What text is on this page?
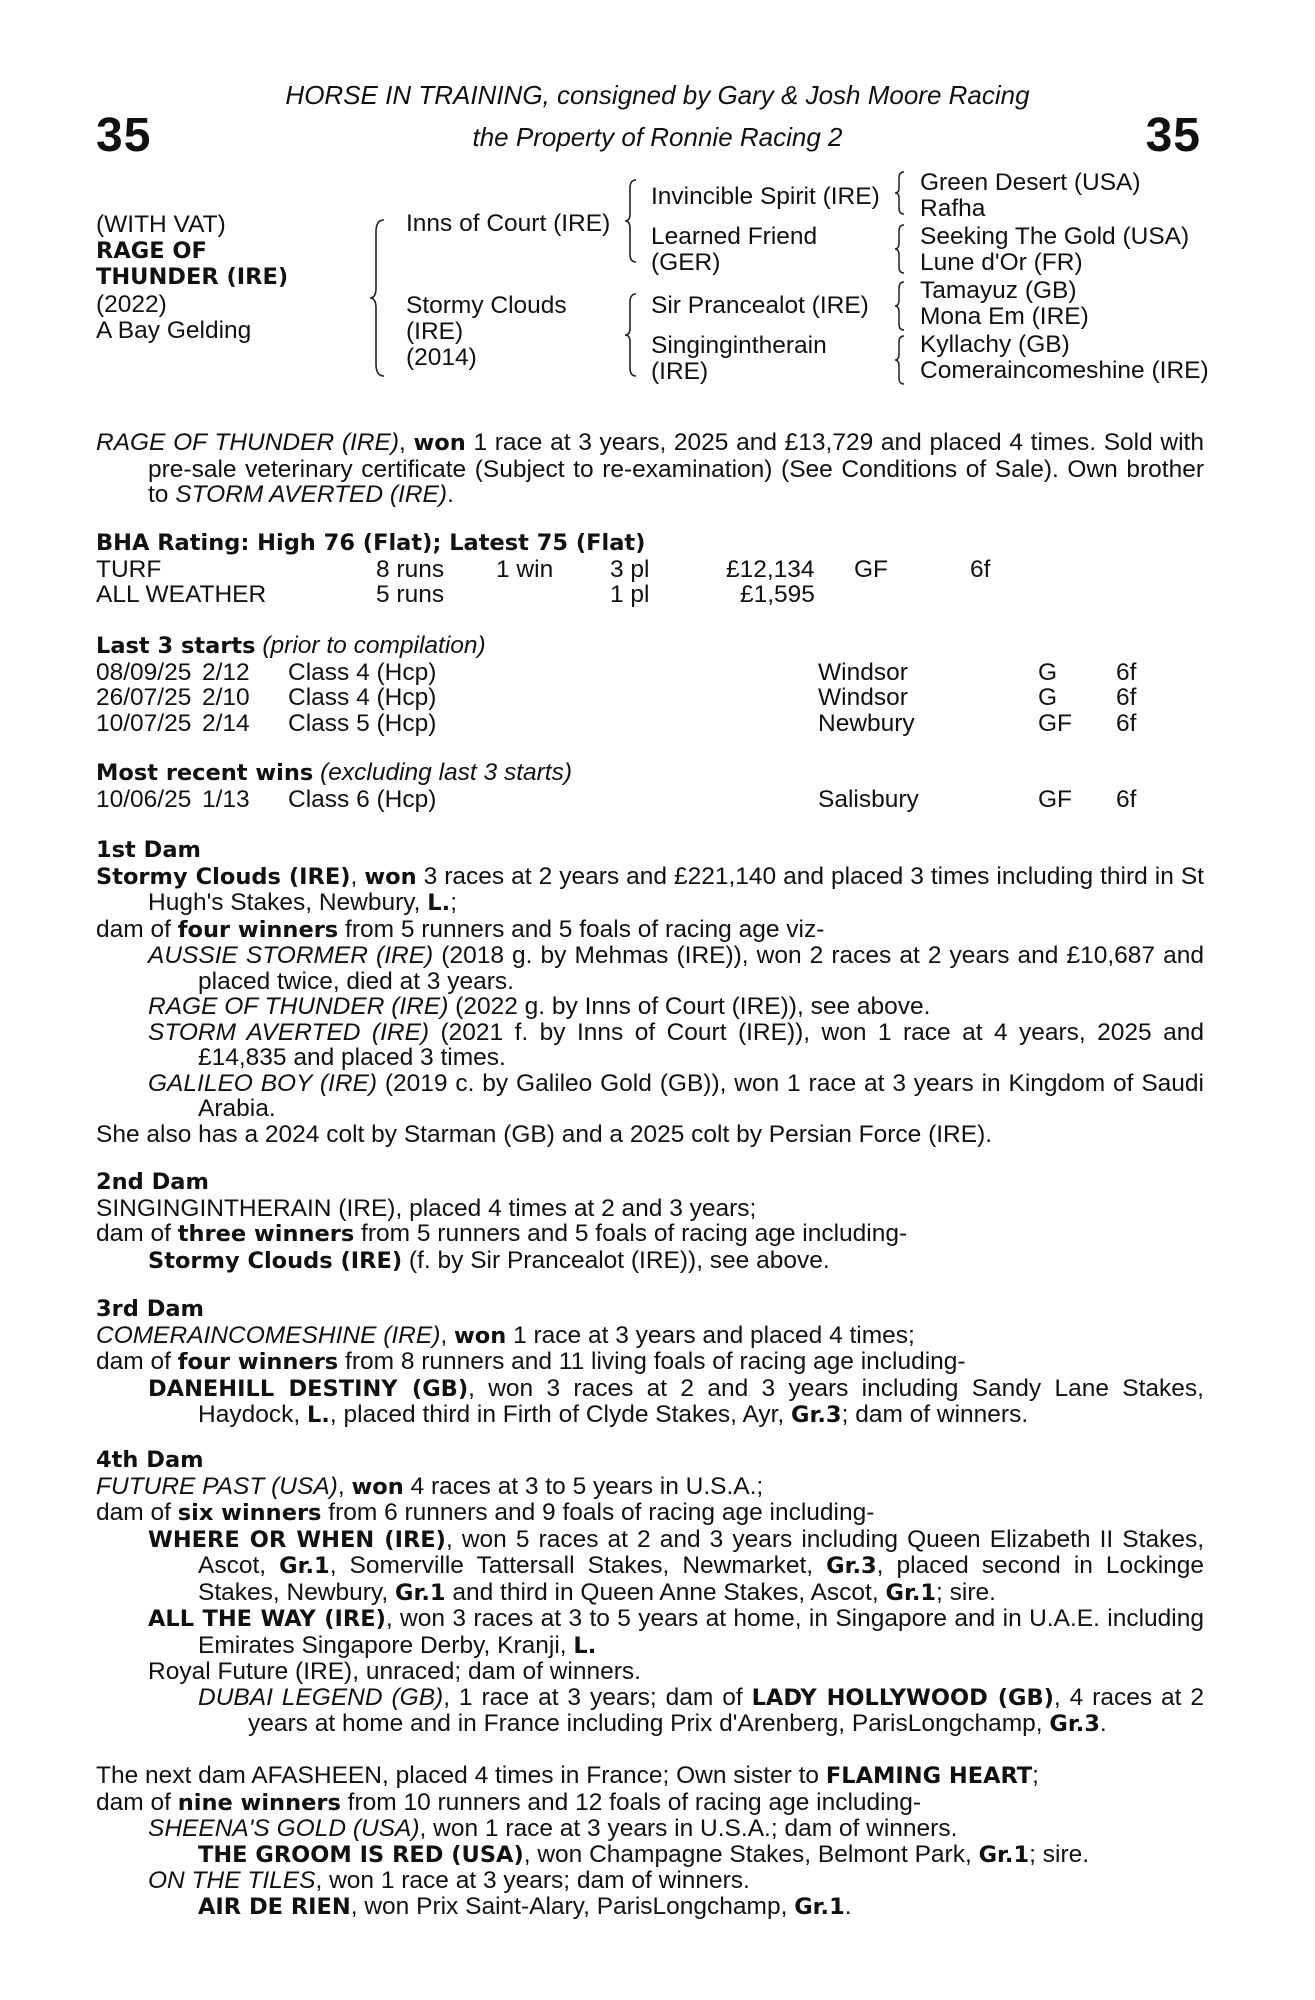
35	35
HORSE IN TRAINING, consigned by Gary & Josh Moore Racing
the Property of Ronnie Racing 2
(WITH VAT)
RAGE OF
THUNDER (IRE)
(2022)
A Bay Gelding
Inns of Court (IRE)
Stormy Clouds
(IRE)
(2014)
Invincible Spirit (IRE)
Learned Friend
(GER)
Sir Prancealot (IRE)
Singingintherain
(IRE)
Green Desert (USA)
Rafha
Seeking The Gold (USA)
Lune d'Or (FR)
Tamayuz (GB)
Mona Em (IRE)
Kyllachy (GB)
Comeraincomeshine (IRE)

RAGE OF THUNDER (IRE), won 1 race at 3 years, 2025 and £13,729 and placed 4 times. Sold with pre-sale veterinary certificate (Subject to re-examination) (See Conditions of Sale). Own brother to STORM AVERTED (IRE).

BHA Rating: High 76 (Flat); Latest 75 (Flat)

TURF	8 runs 1 win 3 pl	£12,134 GF	6f
ALL WEATHER	5 runs	1 pl	£1,595

Last 3 starts (prior to compilation)

08/09/25 2/12 Class 4 (Hcp)	Windsor	G 6f
26/07/25 2/10 Class 4 (Hcp)	Windsor	G 6f
10/07/25 2/14 Class 5 (Hcp)	Newbury	GF 6f

Most recent wins (excluding last 3 starts)

10/06/25 1/13 Class 6 (Hcp)	Salisbury	GF 6f

1st Dam

Stormy Clouds (IRE), won 3 races at 2 years and £221,140 and placed 3 times including third in St Hugh's Stakes, Newbury, L.;

dam of four winners from 5 runners and 5 foals of racing age viz-

AUSSIE STORMER (IRE) (2018 g. by Mehmas (IRE)), won 2 races at 2 years and £10,687 and placed twice, died at 3 years.

RAGE OF THUNDER (IRE) (2022 g. by Inns of Court (IRE)), see above.

STORM AVERTED (IRE) (2021 f. by Inns of Court (IRE)), won 1 race at 4 years, 2025 and £14,835 and placed 3 times.

GALILEO BOY (IRE) (2019 c. by Galileo Gold (GB)), won 1 race at 3 years in Kingdom of Saudi Arabia.

She also has a 2024 colt by Starman (GB) and a 2025 colt by Persian Force (IRE).

2nd Dam

SINGINGINTHERAIN (IRE), placed 4 times at 2 and 3 years;

dam of three winners from 5 runners and 5 foals of racing age including-

Stormy Clouds (IRE) (f. by Sir Prancealot (IRE)), see above.

3rd Dam

COMERAINCOMESHINE (IRE), won 1 race at 3 years and placed 4 times;

dam of four winners from 8 runners and 11 living foals of racing age including-

DANEHILL DESTINY (GB), won 3 races at 2 and 3 years including Sandy Lane Stakes, Haydock, L., placed third in Firth of Clyde Stakes, Ayr, Gr.3; dam of winners.

4th Dam

FUTURE PAST (USA), won 4 races at 3 to 5 years in U.S.A.;

dam of six winners from 6 runners and 9 foals of racing age including-

WHERE OR WHEN (IRE), won 5 races at 2 and 3 years including Queen Elizabeth II Stakes, Ascot, Gr.1, Somerville Tattersall Stakes, Newmarket, Gr.3, placed second in Lockinge Stakes, Newbury, Gr.1 and third in Queen Anne Stakes, Ascot, Gr.1; sire.

ALL THE WAY (IRE), won 3 races at 3 to 5 years at home, in Singapore and in U.A.E. including Emirates Singapore Derby, Kranji, L.

Royal Future (IRE), unraced; dam of winners.

DUBAI LEGEND (GB), 1 race at 3 years; dam of LADY HOLLYWOOD (GB), 4 races at 2 years at home and in France including Prix d'Arenberg, ParisLongchamp, Gr.3.

The next dam AFASHEEN, placed 4 times in France; Own sister to FLAMING HEART;

dam of nine winners from 10 runners and 12 foals of racing age including-

SHEENA'S GOLD (USA), won 1 race at 3 years in U.S.A.; dam of winners.

THE GROOM IS RED (USA), won Champagne Stakes, Belmont Park, Gr.1; sire.

ON THE TILES, won 1 race at 3 years; dam of winners.

AIR DE RIEN, won Prix Saint-Alary, ParisLongchamp, Gr.1.
